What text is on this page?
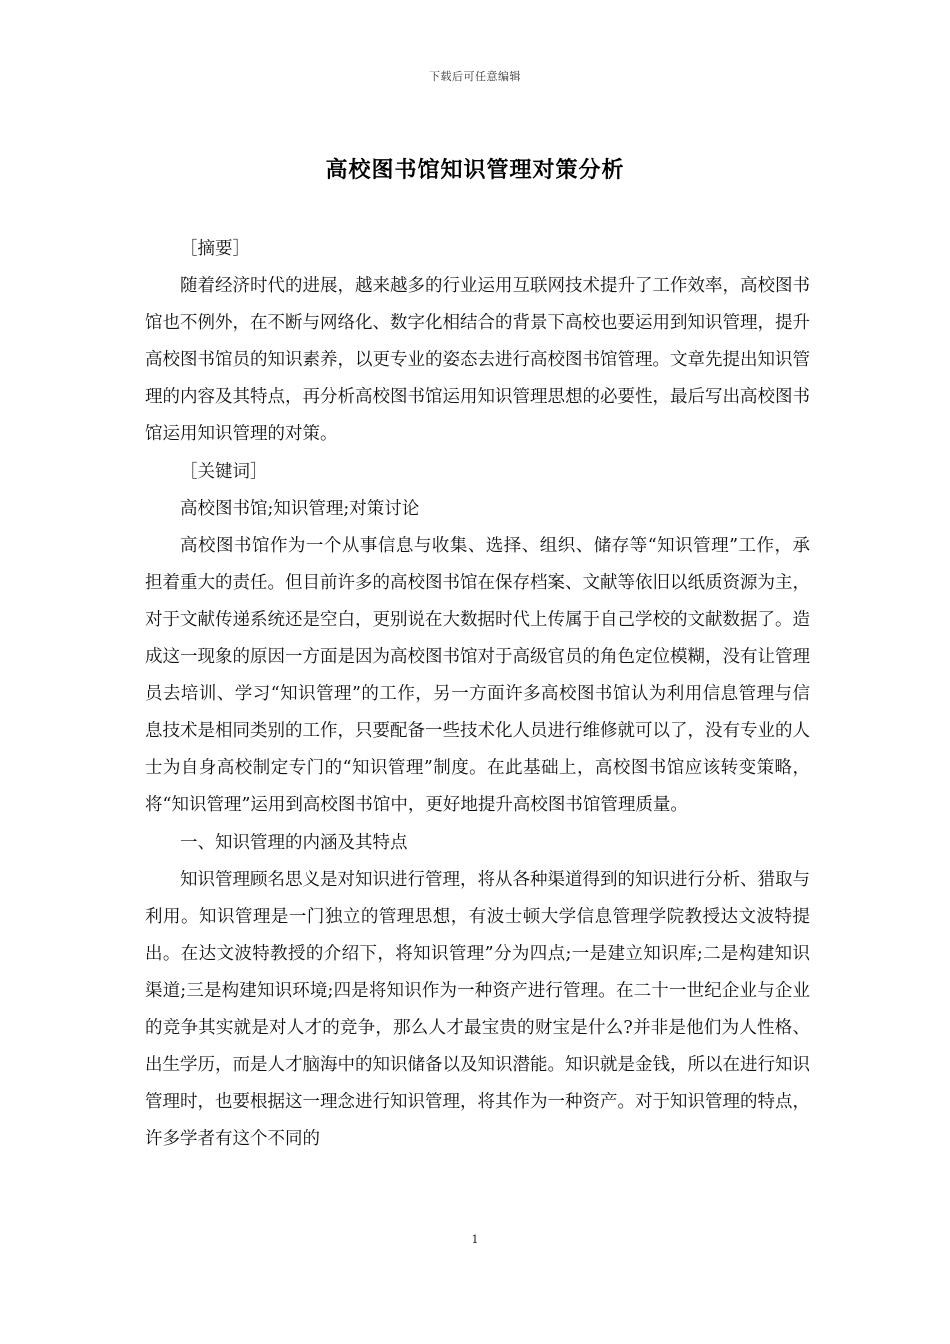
下载后可任意编辑
高校图书馆知识管理对策分析

［摘要］

随着经济时代的进展，越来越多的行业运用互联网技术提升了工作效率，高校图书馆也不例外，在不断与网络化、数字化相结合的背景下高校也要运用到知识管理，提升高校图书馆员的知识素养，以更专业的姿态去进行高校图书馆管理。文章先提出知识管理的内容及其特点，再分析高校图书馆运用知识管理思想的必要性，最后写出高校图书馆运用知识管理的对策。

［关键词］

高校图书馆;知识管理;对策讨论

高校图书馆作为一个从事信息与收集、选择、组织、储存等“知识管理”工作，承担着重大的责任。但目前许多的高校图书馆在保存档案、文献等依旧以纸质资源为主，对于文献传递系统还是空白，更别说在大数据时代上传属于自己学校的文献数据了。造成这一现象的原因一方面是因为高校图书馆对于高级官员的角色定位模糊，没有让管理员去培训、学习“知识管理”的工作，另一方面许多高校图书馆认为利用信息管理与信息技术是相同类别的工作，只要配备一些技术化人员进行维修就可以了，没有专业的人士为自身高校制定专门的“知识管理”制度。在此基础上，高校图书馆应该转变策略，将“知识管理”运用到高校图书馆中，更好地提升高校图书馆管理质量。

一、知识管理的内涵及其特点

知识管理顾名思义是对知识进行管理，将从各种渠道得到的知识进行分析、猎取与利用。知识管理是一门独立的管理思想，有波士顿大学信息管理学院教授达文波特提出。在达文波特教授的介绍下，将知识管理”分为四点;一是建立知识库;二是构建知识渠道;三是构建知识环境;四是将知识作为一种资产进行管理。在二十一世纪企业与企业的竞争其实就是对人才的竞争，那么人才最宝贵的财宝是什么?并非是他们为人性格、出生学历，而是人才脑海中的知识储备以及知识潜能。知识就是金钱，所以在进行知识管理时，也要根据这一理念进行知识管理，将其作为一种资产。对于知识管理的特点，许多学者有这个不同的

1
